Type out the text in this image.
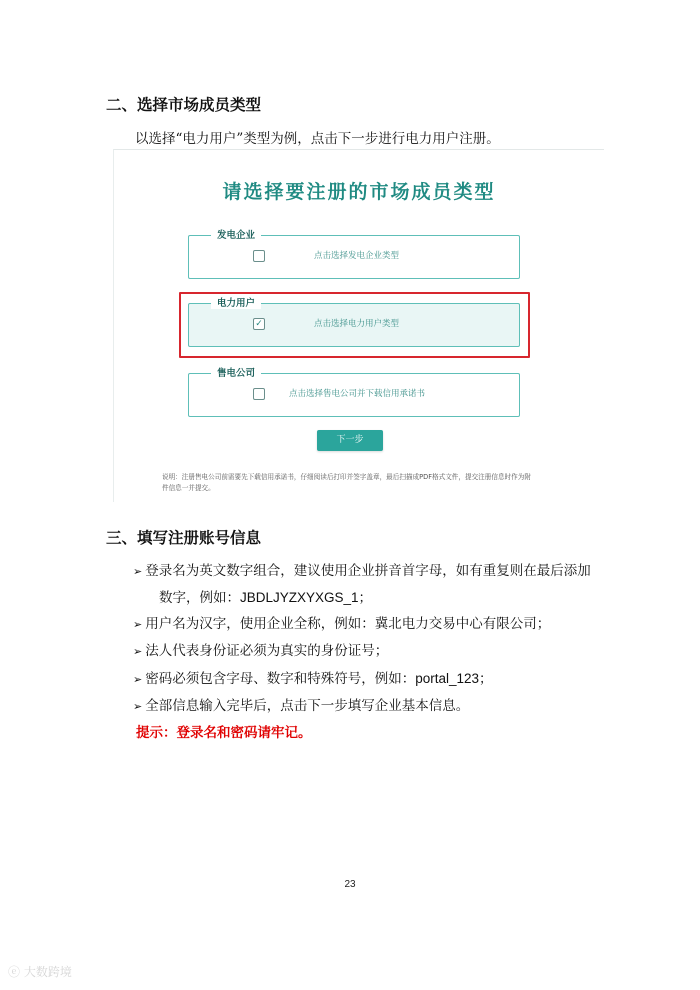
二、选择市场成员类型
以选择“电力用户”类型为例，点击下一步进行电力用户注册。
请选择要注册的市场成员类型
发电企业
点击选择发电企业类型
电力用户
✓	点击选择电力用户类型
售电公司
点击选择售电公司并下载信用承诺书
下一步
说明：注册售电公司前需要先下载信用承诺书，仔细阅读后打印并签字盖章，最后扫描成PDF格式文件，提交注册信息时作为附件信息一并提交。
三、填写注册账号信息
➢ 登录名为英文数字组合，建议使用企业拼音首字母，如有重复则在最后添加
数字，例如：JBDLJYZXYXGS_1；
➢ 用户名为汉字，使用企业全称，例如：冀北电力交易中心有限公司；
➢ 法人代表身份证必须为真实的身份证号；
➢ 密码必须包含字母、数字和特殊符号，例如：portal_123；
➢ 全部信息输入完毕后，点击下一步填写企业基本信息。
提示：登录名和密码请牢记。
23
ⓔ 大数跨境
